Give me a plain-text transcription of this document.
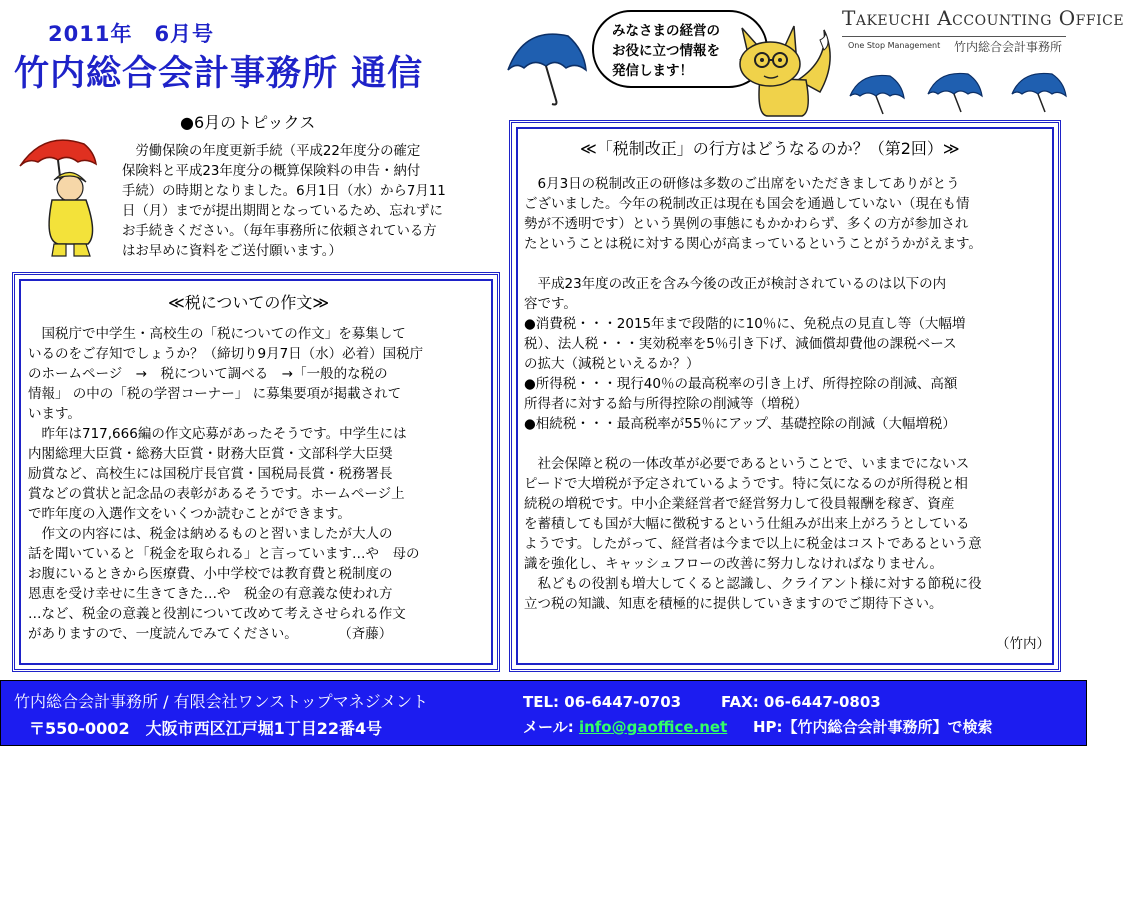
2011年　6月号
竹内総合会計事務所 通信
みなさまの経営の
お役に立つ情報を
発信します！
Takeuchi Accounting Office
One Stop Management 竹内総合会計事務所
●6月のトピックス
　労働保険の年度更新手続（平成22年度分の確定
保険料と平成23年度分の概算保険料の申告・納付
手続）の時期となりました。6月1日（水）から7月11
日（月）までが提出期間となっているため、忘れずに
お手続きください。（毎年事務所に依頼されている方
はお早めに資料をご送付願います。）
≪税についての作文≫
　国税庁で中学生・高校生の「税についての作文」を募集して
いるのをご存知でしょうか？（締切り9月7日（水）必着）国税庁
のホームページ　→　税について調べる　→「一般的な税の
情報」 の中の「税の学習コーナー」 に募集要項が掲載されて
います。
　昨年は717,666編の作文応募があったそうです。中学生には
内閣総理大臣賞・総務大臣賞・財務大臣賞・文部科学大臣奨
励賞など、高校生には国税庁長官賞・国税局長賞・税務署長
賞などの賞状と記念品の表彰があるそうです。ホームページ上
で昨年度の入選作文をいくつか読むことができます。
　作文の内容には、税金は納めるものと習いましたが大人の
話を聞いていると「税金を取られる」と言っています…や　母の
お腹にいるときから医療費、小中学校では教育費と税制度の
恩恵を受け幸せに生きてきた…や　税金の有意義な使われ方
…など、税金の意義と役割について改めて考えさせられる作文
がありますので、一度読んでみてください。　　　　（斉藤）
≪「税制改正」の行方はどうなるのか？（第2回）≫
　6月3日の税制改正の研修は多数のご出席をいただきましてありがとう
ございました。今年の税制改正は現在も国会を通過していない（現在も情
勢が不透明です）という異例の事態にもかかわらず、多くの方が参加され
たということは税に対する関心が高まっているということがうかがえます。

　平成23年度の改正を含み今後の改正が検討されているのは以下の内
容です。
●消費税・・・2015年まで段階的に10％に、免税点の見直し等（大幅増
税）、法人税・・・実効税率を5％引き下げ、減価償却費他の課税ベース
の拡大（減税といえるか？）
●所得税・・・現行40％の最高税率の引き上げ、所得控除の削減、高額
所得者に対する給与所得控除の削減等（増税）
●相続税・・・最高税率が55％にアップ、基礎控除の削減（大幅増税）

　社会保障と税の一体改革が必要であるということで、いままでにないス
ピードで大増税が予定されているようです。特に気になるのが所得税と相
続税の増税です。中小企業経営者で経営努力して役員報酬を稼ぎ、資産
を蓄積しても国が大幅に徴税するという仕組みが出来上がろうとしている
ようです。したがって、経営者は今まで以上に税金はコストであるという意
識を強化し、キャッシュフローの改善に努力しなければなりません。
　私どもの役割も増大してくると認識し、クライアント様に対する節税に役
立つ税の知識、知恵を積極的に提供していきますのでご期待下さい。
（竹内）
竹内総合会計事務所 / 有限会社ワンストップマネジメント
〒550-0002　大阪市西区江戸堀1丁目22番4号
TEL: 06-6447-0703	FAX: 06-6447-0803
メール: info@gaoffice.net HP:【竹内総合会計事務所】で検索
